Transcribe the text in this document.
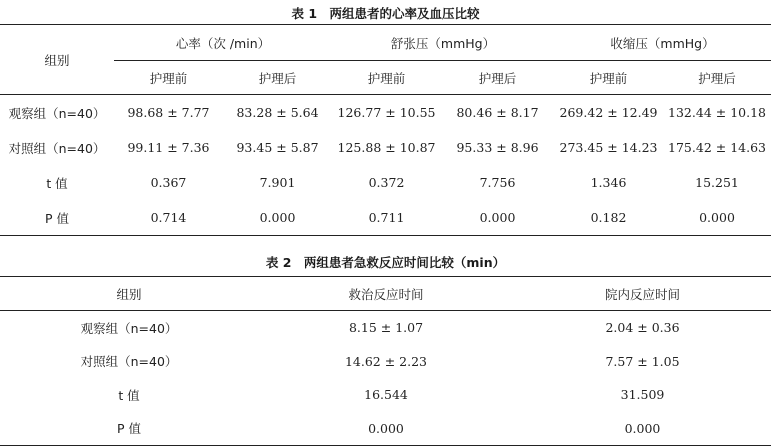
表 1　两组患者的心率及血压比较
组别	心率（次 /min）		舒张压（mmHg）		收缩压（mmHg）	
	护理前	护理后	护理前	护理后	护理前	护理后
观察组（n=40）	98.68 ± 7.77	83.28 ± 5.64	126.77 ± 10.55	80.46 ± 8.17	269.42 ± 12.49	132.44 ± 10.18
对照组（n=40）	99.11 ± 7.36	93.45 ± 5.87	125.88 ± 10.87	95.33 ± 8.96	273.45 ± 14.23	175.42 ± 14.63
t 值	0.367	7.901	0.372	7.756	1.346	15.251
P 值	0.714	0.000	0.711	0.000	0.182	0.000
表 2　两组患者急救反应时间比较（min）
组别	救治反应时间	院内反应时间
观察组（n=40）	8.15 ± 1.07	2.04 ± 0.36
对照组（n=40）	14.62 ± 2.23	7.57 ± 1.05
t 值	16.544	31.509
P 值	0.000	0.000
